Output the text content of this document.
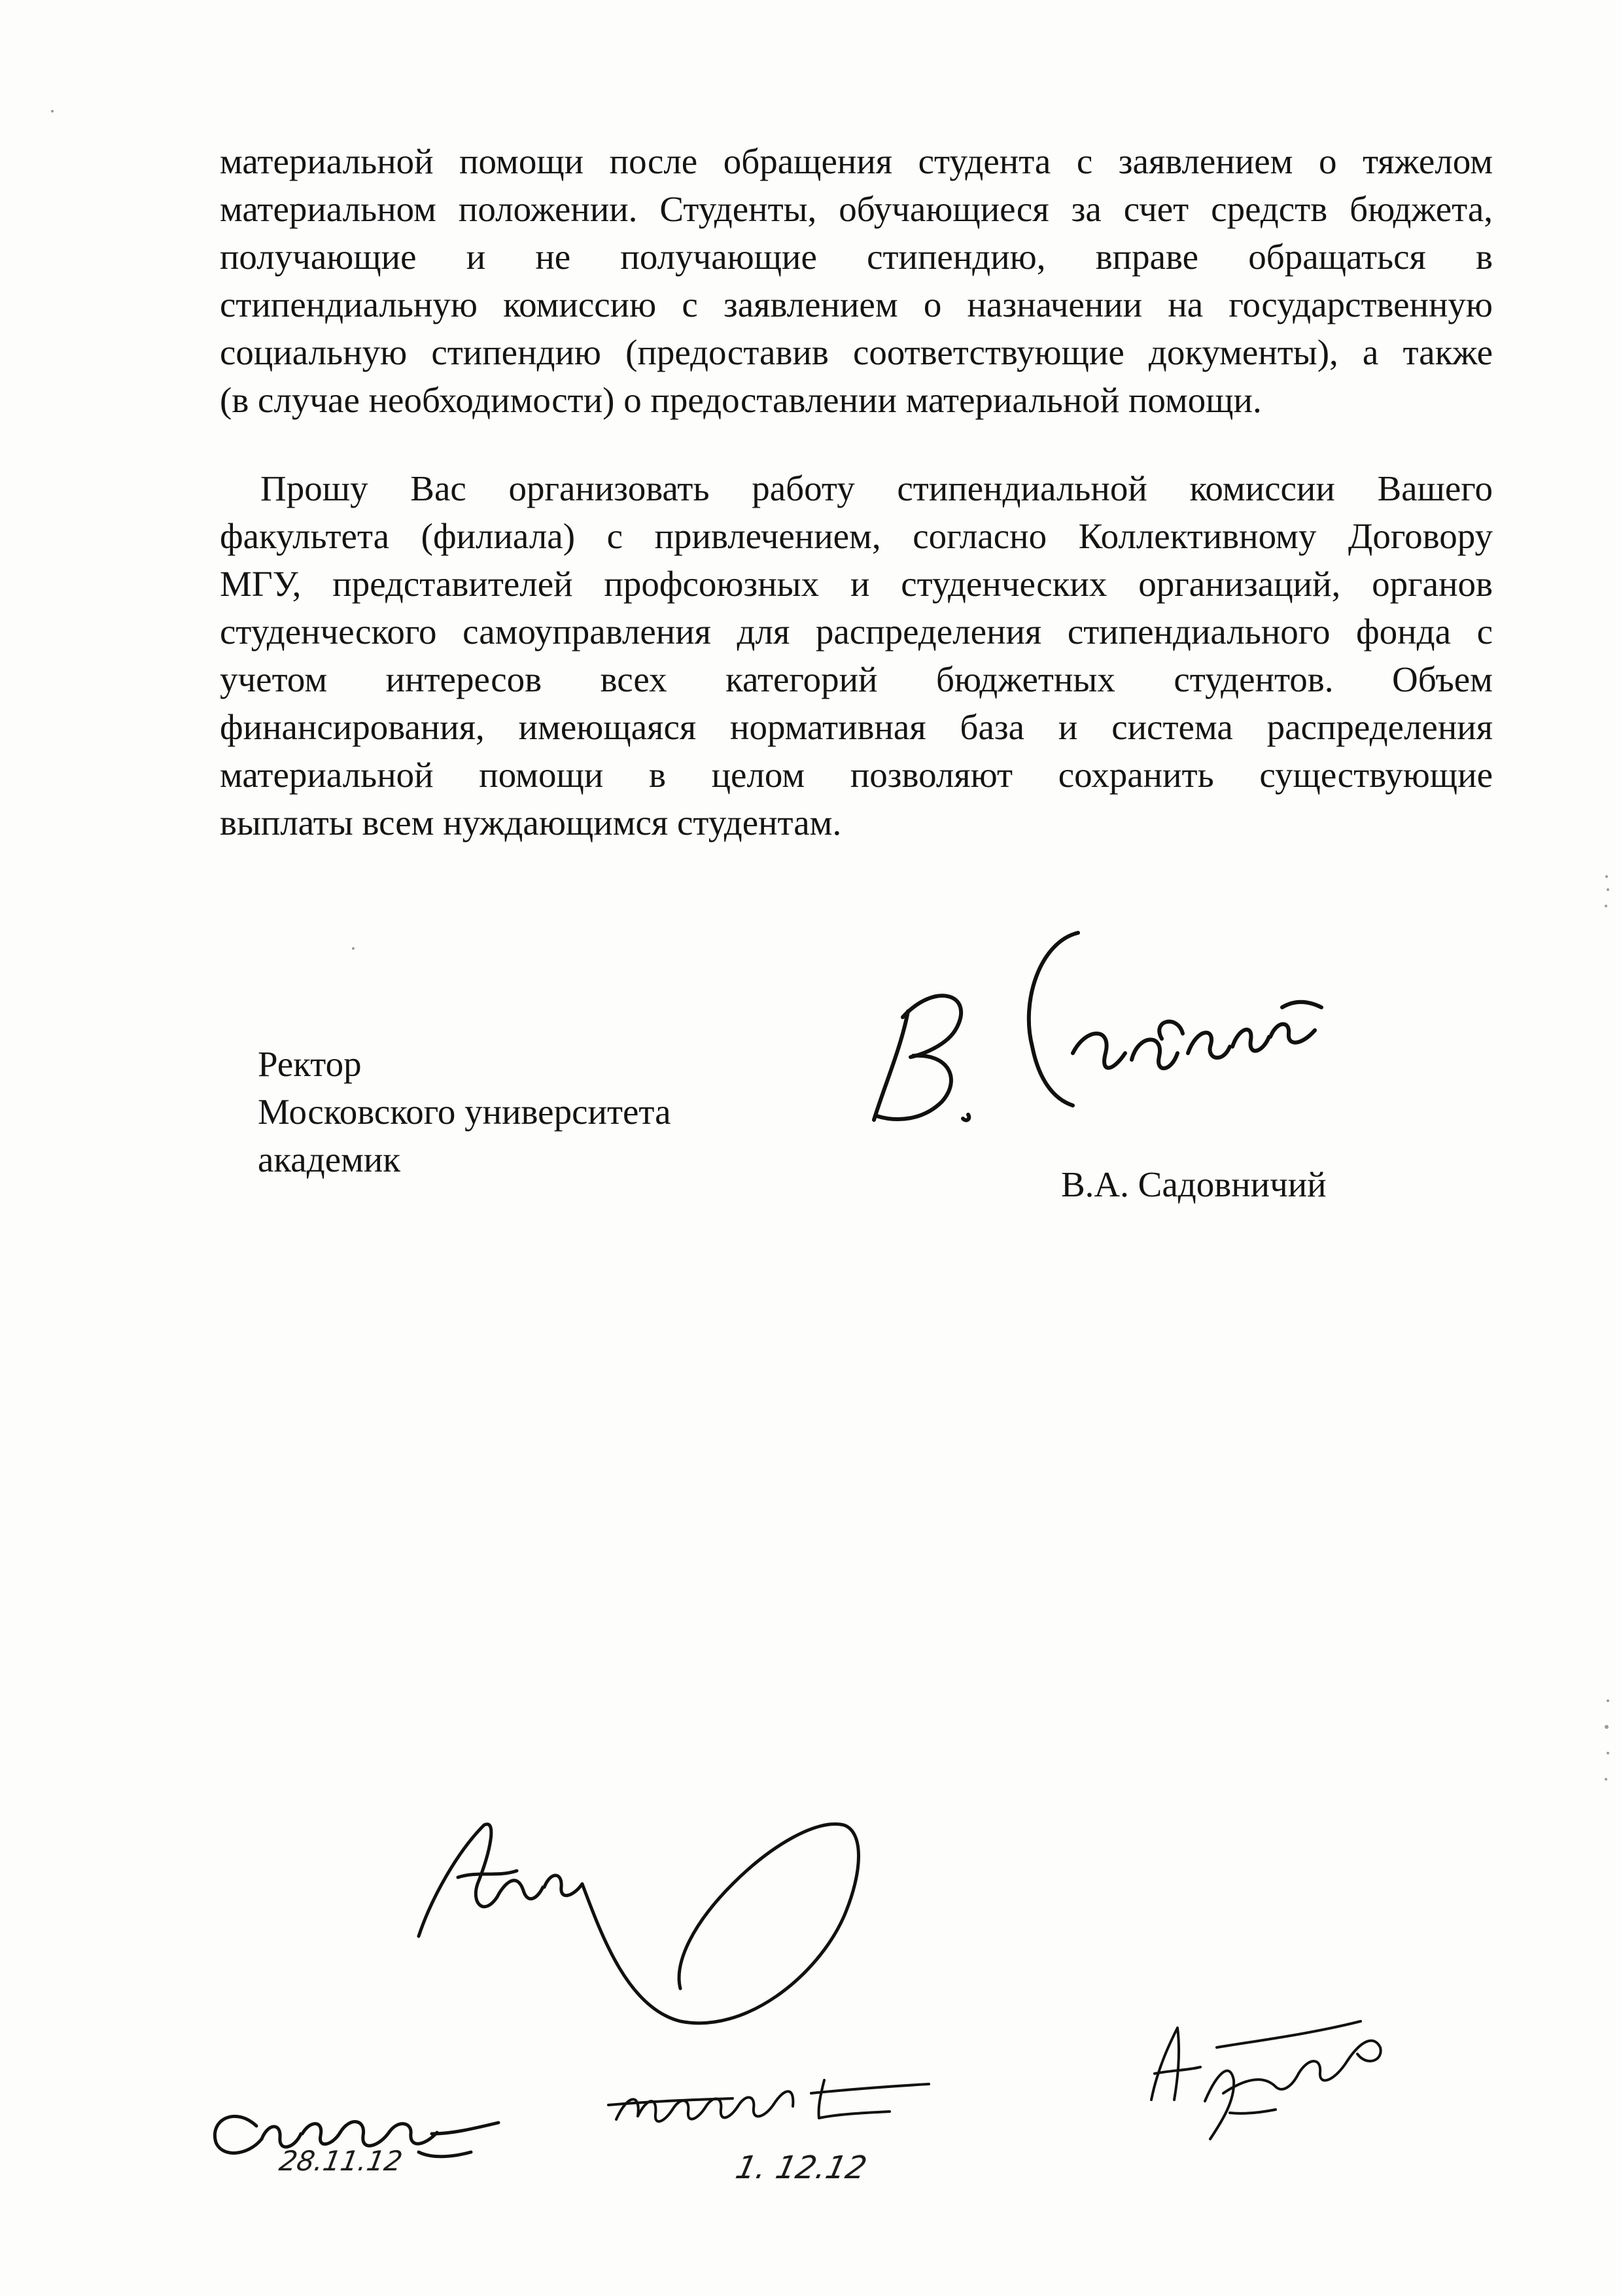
материальной помощи после обращения студента с заявлением о тяжелом
материальном положении. Студенты, обучающиеся за счет средств бюджета,
получающие и не получающие стипендию, вправе обращаться в
стипендиальную комиссию с заявлением о назначении на государственную
социальную стипендию (предоставив соответствующие документы), а также
(в случае необходимости) о предоставлении материальной помощи.
Прошу Вас организовать работу стипендиальной комиссии Вашего
факультета (филиала) с привлечением, согласно Коллективному Договору
МГУ, представителей профсоюзных и студенческих организаций, органов
студенческого самоуправления для распределения стипендиального фонда с
учетом интересов всех категорий бюджетных студентов. Объем
финансирования, имеющаяся нормативная база и система распределения
материальной помощи в целом позволяют сохранить существующие
выплаты всем нуждающимся студентам.
Ректор
Московского университета
академик
В.А. Садовничий
28.11.12	1. 12.12
